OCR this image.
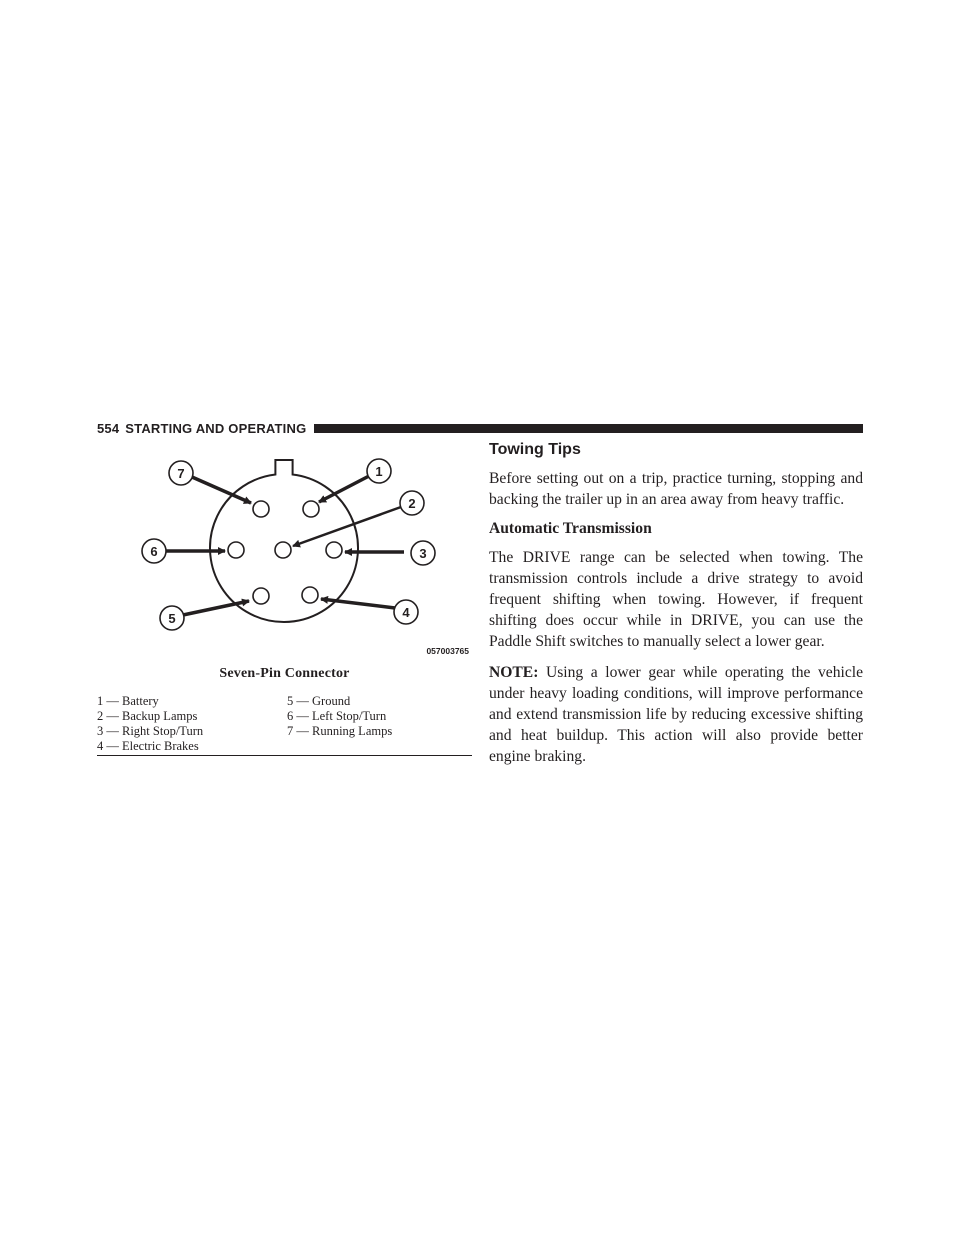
554 STARTING AND OPERATING
1
2
3
4
5
6
7
057003765
Seven-Pin Connector
1 — Battery	5 — Ground
2 — Backup Lamps	6 — Left Stop/Turn
3 — Right Stop/Turn	7 — Running Lamps
4 — Electric Brakes
Towing Tips

Before setting out on a trip, practice turning, stopping and backing the trailer up in an area away from heavy traffic.

Automatic Transmission

The DRIVE range can be selected when towing. The transmission controls include a drive strategy to avoid frequent shifting when towing. However, if frequent shifting does occur while in DRIVE, you can use the Paddle Shift switches to manually select a lower gear.

NOTE: Using a lower gear while operating the vehicle under heavy loading conditions, will improve performance and extend transmission life by reducing excessive shifting and heat buildup. This action will also provide better engine braking.
